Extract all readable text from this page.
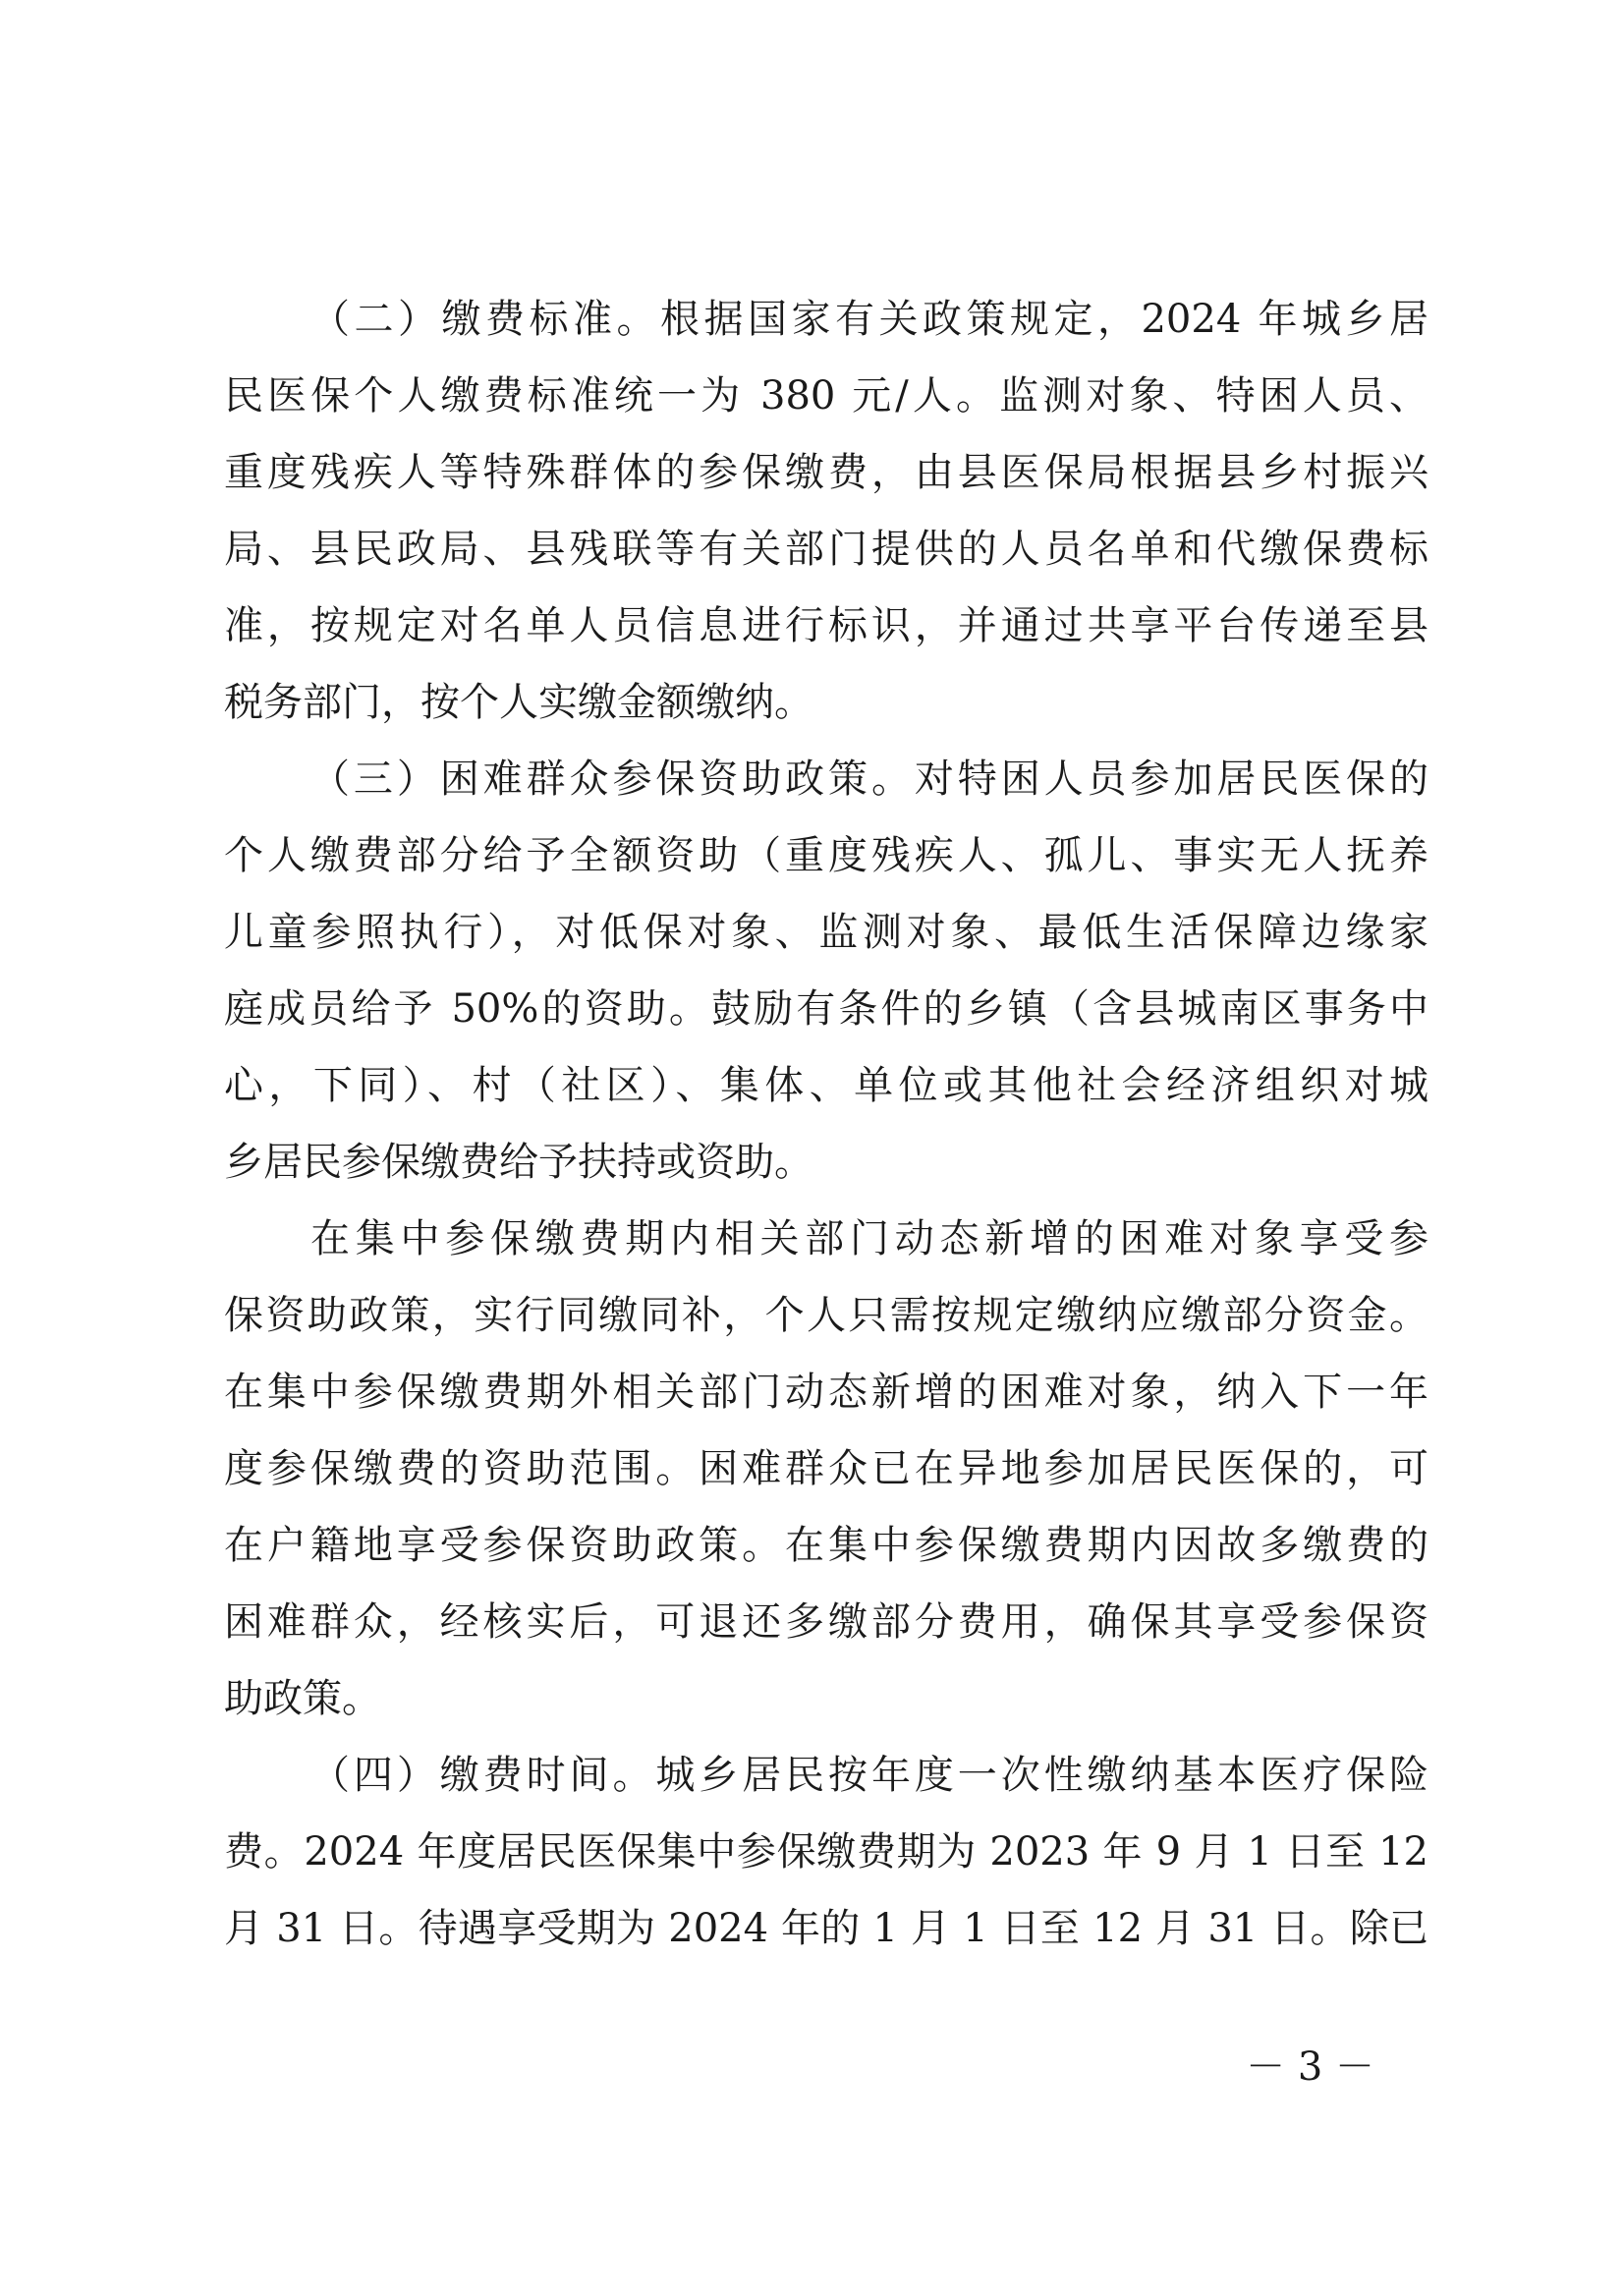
（二）缴费标准。根据国家有关政策规定，2024 年城乡居
民医保个人缴费标准统一为 380 元/人。监测对象、特困人员、
重度残疾人等特殊群体的参保缴费，由县医保局根据县乡村振兴
局、县民政局、县残联等有关部门提供的人员名单和代缴保费标
准，按规定对名单人员信息进行标识，并通过共享平台传递至县
税务部门，按个人实缴金额缴纳。
（三）困难群众参保资助政策。对特困人员参加居民医保的
个人缴费部分给予全额资助（重度残疾人、孤儿、事实无人抚养
儿童参照执行），对低保对象、监测对象、最低生活保障边缘家
庭成员给予 50%的资助。鼓励有条件的乡镇（含县城南区事务中
心，下同）、村（社区）、集体、单位或其他社会经济组织对城
乡居民参保缴费给予扶持或资助。
在集中参保缴费期内相关部门动态新增的困难对象享受参
保资助政策，实行同缴同补，个人只需按规定缴纳应缴部分资金。
在集中参保缴费期外相关部门动态新增的困难对象，纳入下一年
度参保缴费的资助范围。困难群众已在异地参加居民医保的，可
在户籍地享受参保资助政策。在集中参保缴费期内因故多缴费的
困难群众，经核实后，可退还多缴部分费用，确保其享受参保资
助政策。
（四）缴费时间。城乡居民按年度一次性缴纳基本医疗保险
费。2024 年度居民医保集中参保缴费期为 2023 年 9 月 1 日至 12
月 31 日。待遇享受期为 2024 年的 1 月 1 日至 12 月 31 日。除已
－ 3 －
